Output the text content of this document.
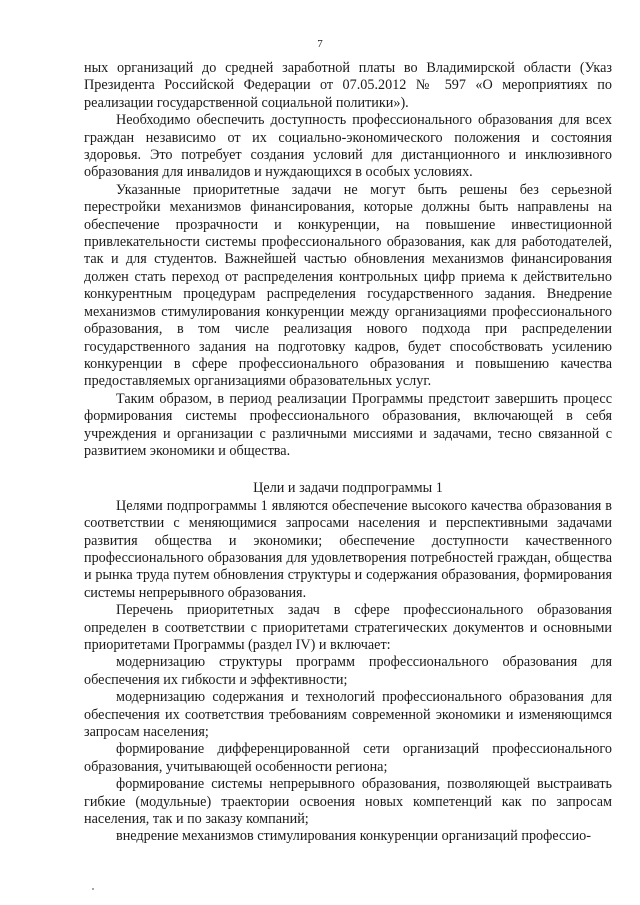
7

ных организаций до средней заработной платы во Владимирской области (Указ Президента Российской Федерации от 07.05.2012 № 597 «О мероприятиях по реализации государственной социальной политики»).

Необходимо обеспечить доступность профессионального образования для всех граждан независимо от их социально-экономического положения и состояния здоровья. Это потребует создания условий для дистанционного и инклюзивного образования для инвалидов и нуждающихся в особых условиях.

Указанные приоритетные задачи не могут быть решены без серьезной перестройки механизмов финансирования, которые должны быть направлены на обеспечение прозрачности и конкуренции, на повышение инвестиционной привлекательности системы профессионального образования, как для работодателей, так и для студентов. Важнейшей частью обновления механизмов финансирования должен стать переход от распределения контрольных цифр приема к действительно конкурентным процедурам распределения государственного задания. Внедрение механизмов стимулирования конкуренции между организациями профессионального образования, в том числе реализация нового подхода при распределении государственного задания на подготовку кадров, будет способствовать усилению конкуренции в сфере профессионального образования и повышению качества предоставляемых организациями образовательных услуг.

Таким образом, в период реализации Программы предстоит завершить процесс формирования системы профессионального образования, включающей в себя учреждения и организации с различными миссиями и задачами, тесно связанной с развитием экономики и общества.

Цели и задачи подпрограммы 1

Целями подпрограммы 1 являются обеспечение высокого качества образования в соответствии с меняющимися запросами населения и перспективными задачами развития общества и экономики; обеспечение доступности качественного профессионального образования для удовлетворения потребностей граждан, общества и рынка труда путем обновления структуры и содержания образования, формирования системы непрерывного образования.

Перечень приоритетных задач в сфере профессионального образования определен в соответствии с приоритетами стратегических документов и основными приоритетами Программы (раздел IV) и включает:

модернизацию структуры программ профессионального образования для обеспечения их гибкости и эффективности;

модернизацию содержания и технологий профессионального образования для обеспечения их соответствия требованиям современной экономики и изменяющимся запросам населения;

формирование дифференцированной сети организаций профессионального образования, учитывающей особенности региона;

формирование системы непрерывного образования, позволяющей выстраивать гибкие (модульные) траектории освоения новых компетенций как по запросам населения, так и по заказу компаний;

внедрение механизмов стимулирования конкуренции организаций профессио-
